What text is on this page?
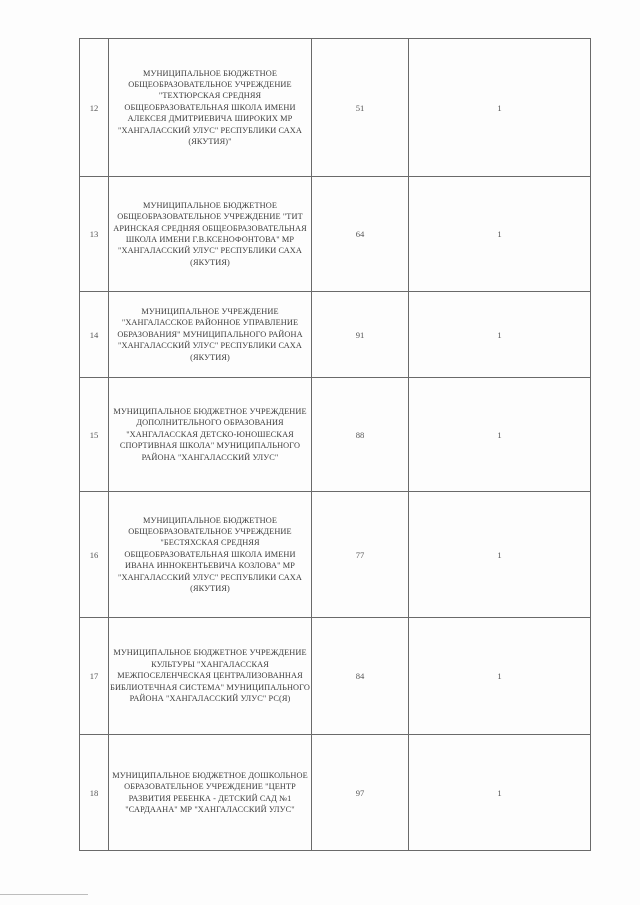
12	МУНИЦИПАЛЬНОЕ БЮДЖЕТНОЕ ОБЩЕОБРАЗОВАТЕЛЬНОЕ УЧРЕЖДЕНИЕ "ТЕХТЮРСКАЯ СРЕДНЯЯ ОБЩЕОБРАЗОВАТЕЛЬНАЯ ШКОЛА ИМЕНИ АЛЕКСЕЯ ДМИТРИЕВИЧА ШИРОКИХ МР "ХАНГАЛАССКИЙ УЛУС" РЕСПУБЛИКИ САХА (ЯКУТИЯ)"	51	1
13	МУНИЦИПАЛЬНОЕ БЮДЖЕТНОЕ ОБЩЕОБРАЗОВАТЕЛЬНОЕ УЧРЕЖДЕНИЕ "ТИТ АРИНСКАЯ СРЕДНЯЯ ОБЩЕОБРАЗОВАТЕЛЬНАЯ ШКОЛА ИМЕНИ Г.В.КСЕНОФОНТОВА" МР "ХАНГАЛАССКИЙ УЛУС" РЕСПУБЛИКИ САХА (ЯКУТИЯ)	64	1
14	МУНИЦИПАЛЬНОЕ УЧРЕЖДЕНИЕ "ХАНГАЛАССКОЕ РАЙОННОЕ УПРАВЛЕНИЕ ОБРАЗОВАНИЯ" МУНИЦИПАЛЬНОГО РАЙОНА "ХАНГАЛАССКИЙ УЛУС" РЕСПУБЛИКИ САХА (ЯКУТИЯ)	91	1
15	МУНИЦИПАЛЬНОЕ БЮДЖЕТНОЕ УЧРЕЖДЕНИЕ ДОПОЛНИТЕЛЬНОГО ОБРАЗОВАНИЯ "ХАНГАЛАССКАЯ ДЕТСКО-ЮНОШЕСКАЯ СПОРТИВНАЯ ШКОЛА" МУНИЦИПАЛЬНОГО РАЙОНА "ХАНГАЛАССКИЙ УЛУС"	88	1
16	МУНИЦИПАЛЬНОЕ БЮДЖЕТНОЕ ОБЩЕОБРАЗОВАТЕЛЬНОЕ УЧРЕЖДЕНИЕ "БЕСТЯХСКАЯ СРЕДНЯЯ ОБЩЕОБРАЗОВАТЕЛЬНАЯ ШКОЛА ИМЕНИ ИВАНА ИННОКЕНТЬЕВИЧА КОЗЛОВА" МР "ХАНГАЛАССКИЙ УЛУС" РЕСПУБЛИКИ САХА (ЯКУТИЯ)	77	1
17	МУНИЦИПАЛЬНОЕ БЮДЖЕТНОЕ УЧРЕЖДЕНИЕ КУЛЬТУРЫ "ХАНГАЛАССКАЯ МЕЖПОСЕЛЕНЧЕСКАЯ ЦЕНТРАЛИЗОВАННАЯ БИБЛИОТЕЧНАЯ СИСТЕМА" МУНИЦИПАЛЬНОГО РАЙОНА "ХАНГАЛАССКИЙ УЛУС" РС(Я)	84	1
18	МУНИЦИПАЛЬНОЕ БЮДЖЕТНОЕ ДОШКОЛЬНОЕ ОБРАЗОВАТЕЛЬНОЕ УЧРЕЖДЕНИЕ "ЦЕНТР РАЗВИТИЯ РЕБЕНКА - ДЕТСКИЙ САД №1 "САРДААНА" МР "ХАНГАЛАССКИЙ УЛУС"	97	1
